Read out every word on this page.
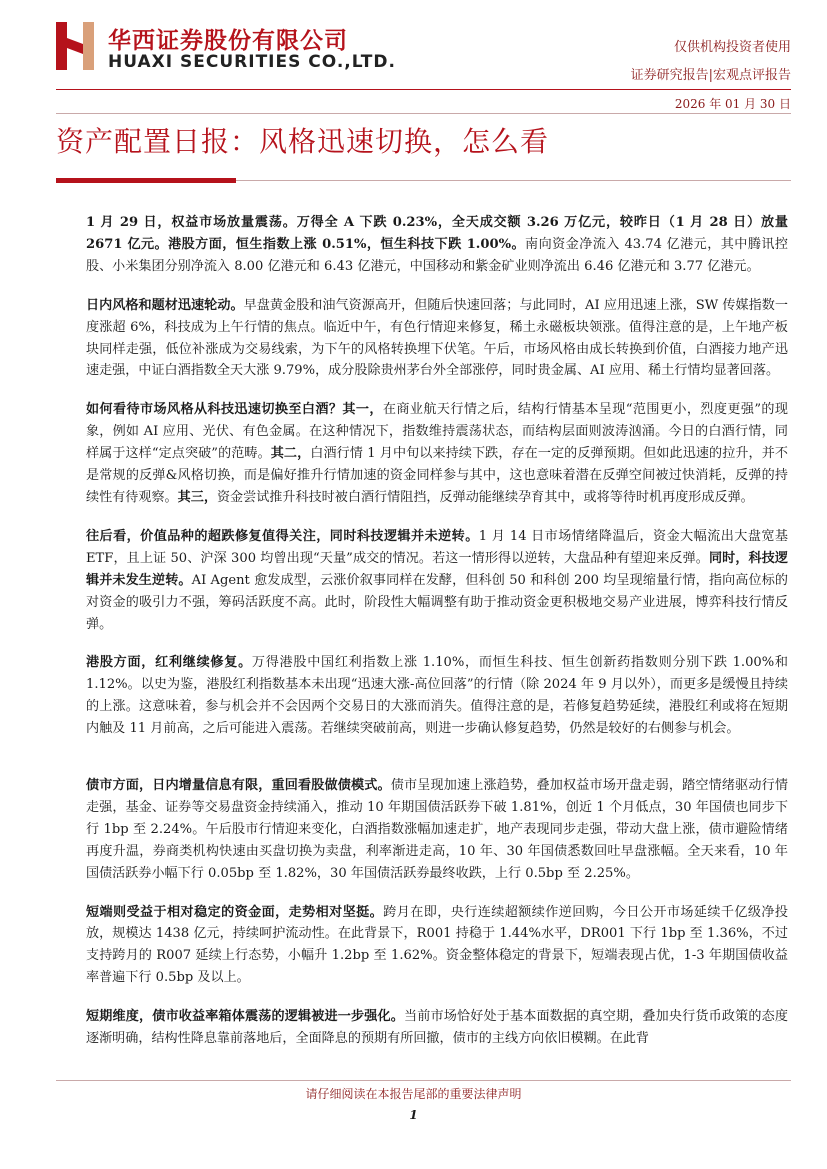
华西证券股份有限公司
HUAXI SECURITIES CO.,LTD.
仅供机构投资者使用
证券研究报告|宏观点评报告
2026 年 01 月 30 日
资产配置日报：风格迅速切换，怎么看

1 月 29 日，权益市场放量震荡。万得全 A 下跌 0.23%，全天成交额 3.26 万亿元，较昨日（1 月 28 日）放量 2671 亿元。港股方面，恒生指数上涨 0.51%，恒生科技下跌 1.00%。南向资金净流入 43.74 亿港元，其中腾讯控股、小米集团分别净流入 8.00 亿港元和 6.43 亿港元，中国移动和紫金矿业则净流出 6.46 亿港元和 3.77 亿港元。

日内风格和题材迅速轮动。早盘黄金股和油气资源高开，但随后快速回落；与此同时，AI 应用迅速上涨，SW 传媒指数一度涨超 6%，科技成为上午行情的焦点。临近中午，有色行情迎来修复，稀土永磁板块领涨。值得注意的是，上午地产板块同样走强，低位补涨成为交易线索，为下午的风格转换埋下伏笔。午后，市场风格由成长转换到价值，白酒接力地产迅速走强，中证白酒指数全天大涨 9.79%，成分股除贵州茅台外全部涨停，同时贵金属、AI 应用、稀土行情均显著回落。

如何看待市场风格从科技迅速切换至白酒？其一，在商业航天行情之后，结构行情基本呈现“范围更小，烈度更强”的现象，例如 AI 应用、光伏、有色金属。在这种情况下，指数维持震荡状态，而结构层面则波涛汹涌。今日的白酒行情，同样属于这样“定点突破”的范畴。其二，白酒行情 1 月中旬以来持续下跌，存在一定的反弹预期。但如此迅速的拉升，并不是常规的反弹&风格切换，而是偏好推升行情加速的资金同样参与其中，这也意味着潜在反弹空间被过快消耗，反弹的持续性有待观察。其三，资金尝试推升科技时被白酒行情阻挡，反弹动能继续孕育其中，或将等待时机再度形成反弹。

往后看，价值品种的超跌修复值得关注，同时科技逻辑并未逆转。1 月 14 日市场情绪降温后，资金大幅流出大盘宽基 ETF，且上证 50、沪深 300 均曾出现“天量”成交的情况。若这一情形得以逆转，大盘品种有望迎来反弹。同时，科技逻辑并未发生逆转。AI Agent 愈发成型，云涨价叙事同样在发酵，但科创 50 和科创 200 均呈现缩量行情，指向高位标的对资金的吸引力不强，筹码活跃度不高。此时，阶段性大幅调整有助于推动资金更积极地交易产业进展，博弈科技行情反弹。

港股方面，红利继续修复。万得港股中国红利指数上涨 1.10%，而恒生科技、恒生创新药指数则分别下跌 1.00%和 1.12%。以史为鉴，港股红利指数基本未出现“迅速大涨-高位回落”的行情（除 2024 年 9 月以外），而更多是缓慢且持续的上涨。这意味着，参与机会并不会因两个交易日的大涨而消失。值得注意的是，若修复趋势延续，港股红利或将在短期内触及 11 月前高，之后可能进入震荡。若继续突破前高，则进一步确认修复趋势，仍然是较好的右侧参与机会。

债市方面，日内增量信息有限，重回看股做债模式。债市呈现加速上涨趋势，叠加权益市场开盘走弱，踏空情绪驱动行情走强，基金、证券等交易盘资金持续涌入，推动 10 年期国债活跃券下破 1.81%，创近 1 个月低点，30 年国债也同步下行 1bp 至 2.24%。午后股市行情迎来变化，白酒指数涨幅加速走扩，地产表现同步走强，带动大盘上涨，债市避险情绪再度升温，券商类机构快速由买盘切换为卖盘，利率渐进走高，10 年、30 年国债悉数回吐早盘涨幅。全天来看，10 年国债活跃券小幅下行 0.05bp 至 1.82%，30 年国债活跃券最终收跌，上行 0.5bp 至 2.25%。

短端则受益于相对稳定的资金面，走势相对坚挺。跨月在即，央行连续超额续作逆回购，今日公开市场延续千亿级净投放，规模达 1438 亿元，持续呵护流动性。在此背景下，R001 持稳于 1.44%水平，DR001 下行 1bp 至 1.36%，不过支持跨月的 R007 延续上行态势，小幅升 1.2bp 至 1.62%。资金整体稳定的背景下，短端表现占优，1-3 年期国债收益率普遍下行 0.5bp 及以上。

短期维度，债市收益率箱体震荡的逻辑被进一步强化。当前市场恰好处于基本面数据的真空期，叠加央行货币政策的态度逐渐明确，结构性降息靠前落地后，全面降息的预期有所回撤，债市的主线方向依旧模糊。在此背

请仔细阅读在本报告尾部的重要法律声明
1
